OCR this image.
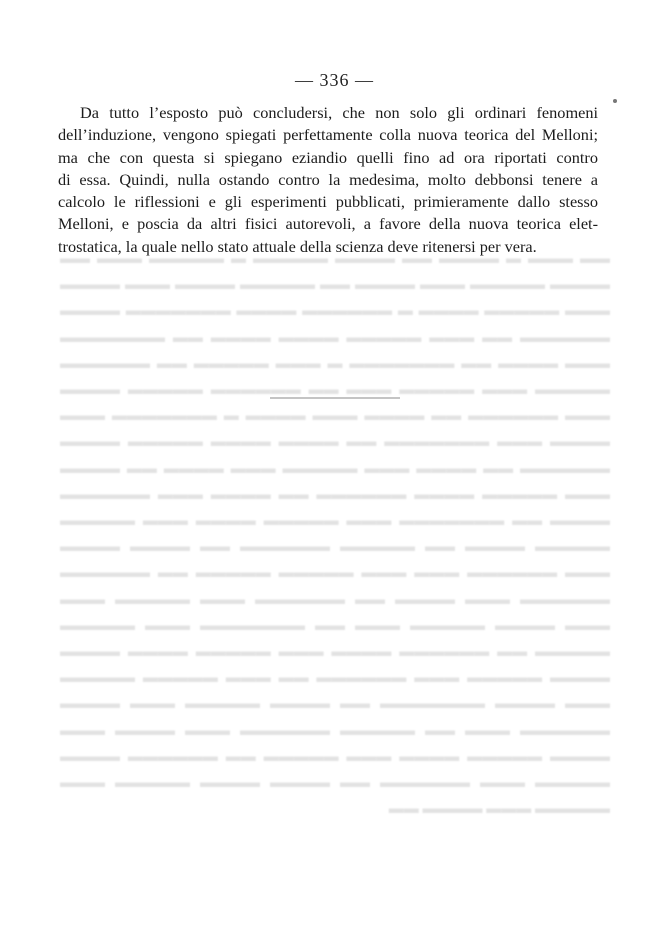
— 336 —
Da tutto l’esposto può concludersi, che non solo gli ordinari fenomeni
dell’induzione, vengono spiegati perfettamente colla nuova teorica del Melloni;
ma che con questa si spiegano eziandio quelli fino ad ora riportati contro
di essa. Quindi, nulla ostando contro la medesima, molto debbonsi tenere a
calcolo le riflessioni e gli esperimenti pubblicati, primieramente dallo stesso
Melloni, e poscia da altri fisici autorevoli, a favore della nuova teorica elet-
trostatica, la quale nello stato attuale della scienza deve ritenersi per vera.
▬▬ ▬▬▬ ▬ ▬▬▬▬ ▬▬ ▬▬▬▬ ▬▬▬▬▬ ▬ ▬▬▬▬▬ ▬▬▬ ▬▬
▬▬▬▬ ▬▬▬▬▬ ▬▬▬ ▬▬▬▬ ▬▬ ▬▬▬▬▬ ▬▬▬▬ ▬▬▬ ▬▬▬▬
▬▬▬ ▬▬▬▬▬ ▬▬▬▬ ▬ ▬▬▬▬▬▬ ▬▬▬▬ ▬▬▬▬▬▬▬ ▬▬▬▬
▬▬▬▬▬▬ ▬▬ ▬▬▬ ▬▬▬▬▬ ▬▬▬▬ ▬▬▬▬ ▬▬ ▬▬▬▬▬▬▬
▬▬▬ ▬▬▬▬ ▬▬ ▬▬▬▬▬▬▬ ▬ ▬▬▬ ▬▬▬▬▬ ▬▬ ▬▬▬▬▬▬
▬▬▬▬▬ ▬▬▬ ▬▬▬▬▬ ▬▬▬ ▬▬ ▬▬▬▬▬▬ ▬▬▬▬▬ ▬▬▬▬
▬▬▬ ▬▬▬▬▬▬ ▬▬ ▬▬▬▬ ▬▬▬ ▬▬▬▬ ▬ ▬▬▬▬▬▬▬ ▬▬▬
▬▬▬▬ ▬▬▬ ▬▬▬▬▬▬▬ ▬▬ ▬▬▬▬ ▬▬▬▬ ▬▬▬▬▬ ▬▬▬▬
▬▬▬▬▬▬ ▬▬ ▬▬▬▬ ▬▬▬ ▬▬▬▬▬ ▬▬▬ ▬▬▬▬ ▬▬ ▬▬▬▬
▬▬▬ ▬▬▬▬▬ ▬▬▬▬ ▬▬▬▬▬▬ ▬▬ ▬▬▬▬ ▬▬▬ ▬▬▬▬▬▬
▬▬▬▬ ▬▬ ▬▬▬▬▬▬▬ ▬▬▬ ▬▬▬▬▬ ▬▬▬▬ ▬▬▬ ▬▬▬▬▬
▬▬▬▬▬ ▬▬▬▬ ▬▬ ▬▬▬▬▬ ▬▬▬▬▬▬ ▬▬ ▬▬▬▬ ▬▬▬▬
▬▬▬ ▬▬▬▬▬▬ ▬▬▬ ▬▬▬ ▬▬▬▬▬ ▬▬▬▬▬ ▬▬ ▬▬▬▬▬▬
▬▬▬▬▬▬ ▬▬▬ ▬▬▬▬ ▬▬ ▬▬▬▬▬▬ ▬▬▬ ▬▬▬▬▬ ▬▬▬
▬▬▬ ▬▬▬▬ ▬▬▬▬▬ ▬▬▬ ▬▬ ▬▬▬▬▬▬▬ ▬▬▬ ▬▬▬▬▬
▬▬▬▬▬ ▬▬ ▬▬▬▬▬▬ ▬▬▬▬ ▬▬▬ ▬▬▬▬▬ ▬▬▬▬ ▬▬▬▬
▬▬▬▬ ▬▬▬▬▬ ▬▬▬ ▬▬▬▬▬▬ ▬▬ ▬▬▬ ▬▬▬▬▬ ▬▬▬▬▬
▬▬▬ ▬▬▬▬ ▬▬▬▬▬▬▬ ▬▬ ▬▬▬▬ ▬▬▬▬▬ ▬▬▬ ▬▬▬▬
▬▬▬▬▬▬ ▬▬▬ ▬▬ ▬▬▬▬▬ ▬▬▬▬▬▬ ▬▬▬ ▬▬▬▬ ▬▬▬
▬▬▬▬ ▬▬▬▬▬ ▬▬▬▬ ▬▬▬ ▬▬▬▬▬ ▬▬ ▬▬▬▬▬▬ ▬▬▬▬
▬▬▬▬▬ ▬▬▬ ▬▬▬▬▬▬ ▬▬ ▬▬▬▬ ▬▬▬▬ ▬▬▬▬▬ ▬▬▬
▬▬▬▬▬ ▬▬▬ ▬▬▬▬ ▬▬
